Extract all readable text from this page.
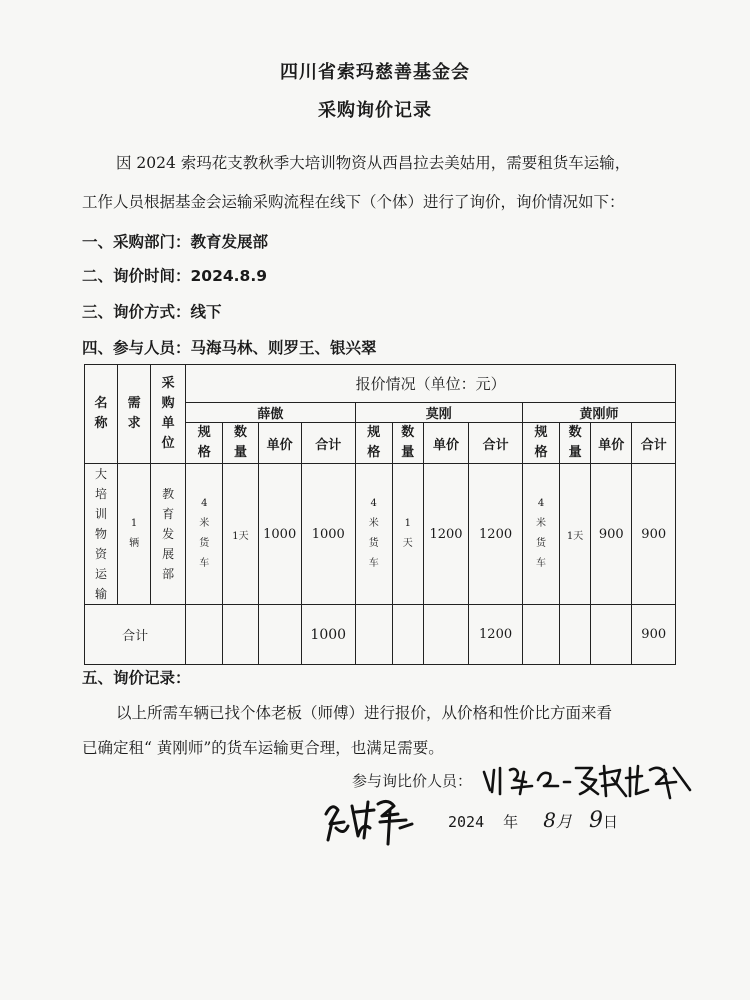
四川省索玛慈善基金会
采购询价记录
因 2024 索玛花支教秋季大培训物资从西昌拉去美姑用，需要租货车运输，
工作人员根据基金会运输采购流程在线下（个体）进行了询价，询价情况如下：
一、采购部门：教育发展部
二、询价时间：2024.8.9
三、询价方式：线下
四、参与人员：马海马林、则罗王、银兴翠
名称	需求	采购单位	报价情况（单位：元）											
			薛傲				莫刚				黄刚师			
			规格	数量	单价	合计	规格	数量	单价	合计	规格	数量	单价	合计
大培训物资运输	1辆	教育发展部	4米货车	1天	1000	1000	4米货车	1天	1200	1200	4米货车	1天	900	900
合计						1000				1200				900
五、询价记录：
以上所需车辆已找个体老板（师傅）进行报价，从价格和性价比方面来看
已确定租“ 黄刚师”的货车运输更合理，也满足需要。
参与询比价人员：
2024 年 8月 9日
